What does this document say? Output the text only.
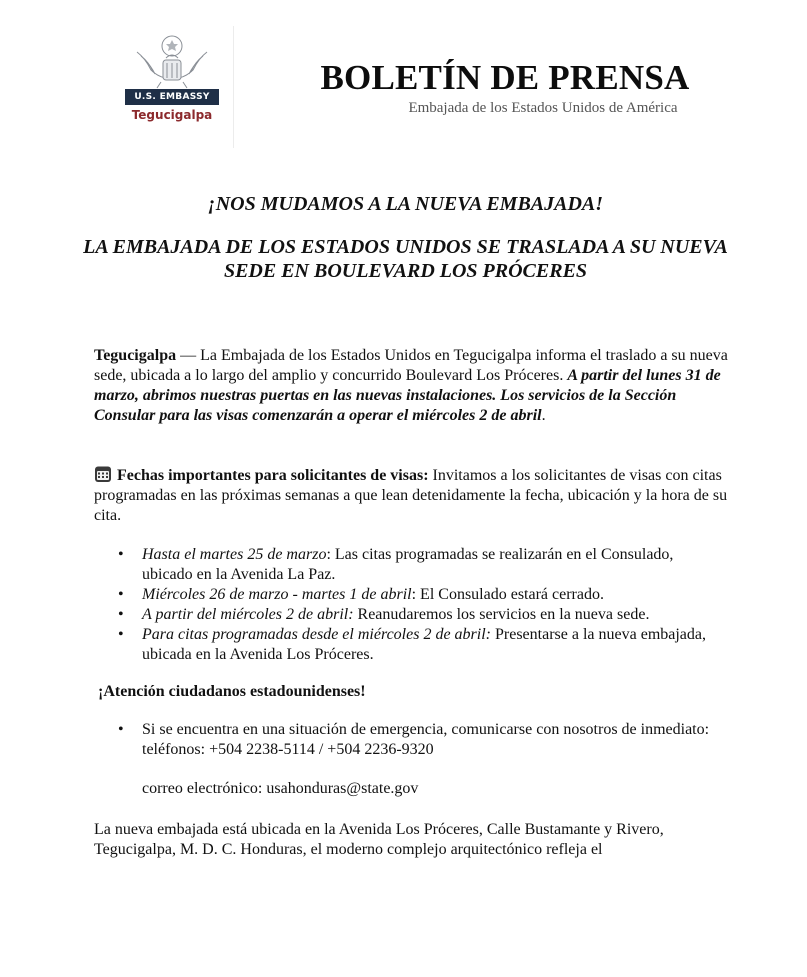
U.S. EMBASSY
Tegucigalpa
BOLETÍN DE PRENSA
Embajada de los Estados Unidos de América
¡NOS MUDAMOS A LA NUEVA EMBAJADA!
LA EMBAJADA DE LOS ESTADOS UNIDOS SE TRASLADA A SU NUEVA SEDE EN BOULEVARD LOS PRÓCERES
Tegucigalpa — La Embajada de los Estados Unidos en Tegucigalpa informa el traslado a su nueva sede, ubicada a lo largo del amplio y concurrido Boulevard Los Próceres. A partir del lunes 31 de marzo, abrimos nuestras puertas en las nuevas instalaciones. Los servicios de la Sección Consular para las visas comenzarán a operar el miércoles 2 de abril.
Fechas importantes para solicitantes de visas: Invitamos a los solicitantes de visas con citas programadas en las próximas semanas a que lean detenidamente la fecha, ubicación y la hora de su cita.
• Hasta el martes 25 de marzo: Las citas programadas se realizarán en el Consulado, ubicado en la Avenida La Paz.
• Miércoles 26 de marzo - martes 1 de abril: El Consulado estará cerrado.
• A partir del miércoles 2 de abril: Reanudaremos los servicios en la nueva sede.
• Para citas programadas desde el miércoles 2 de abril: Presentarse a la nueva embajada, ubicada en la Avenida Los Próceres.
¡Atención ciudadanos estadounidenses!
• Si se encuentra en una situación de emergencia, comunicarse con nosotros de inmediato: teléfonos: +504 2238-5114 / +504 2236-9320
correo electrónico: usahonduras@state.gov
La nueva embajada está ubicada en la Avenida Los Próceres, Calle Bustamante y Rivero, Tegucigalpa, M. D. C. Honduras, el moderno complejo arquitectónico refleja el
